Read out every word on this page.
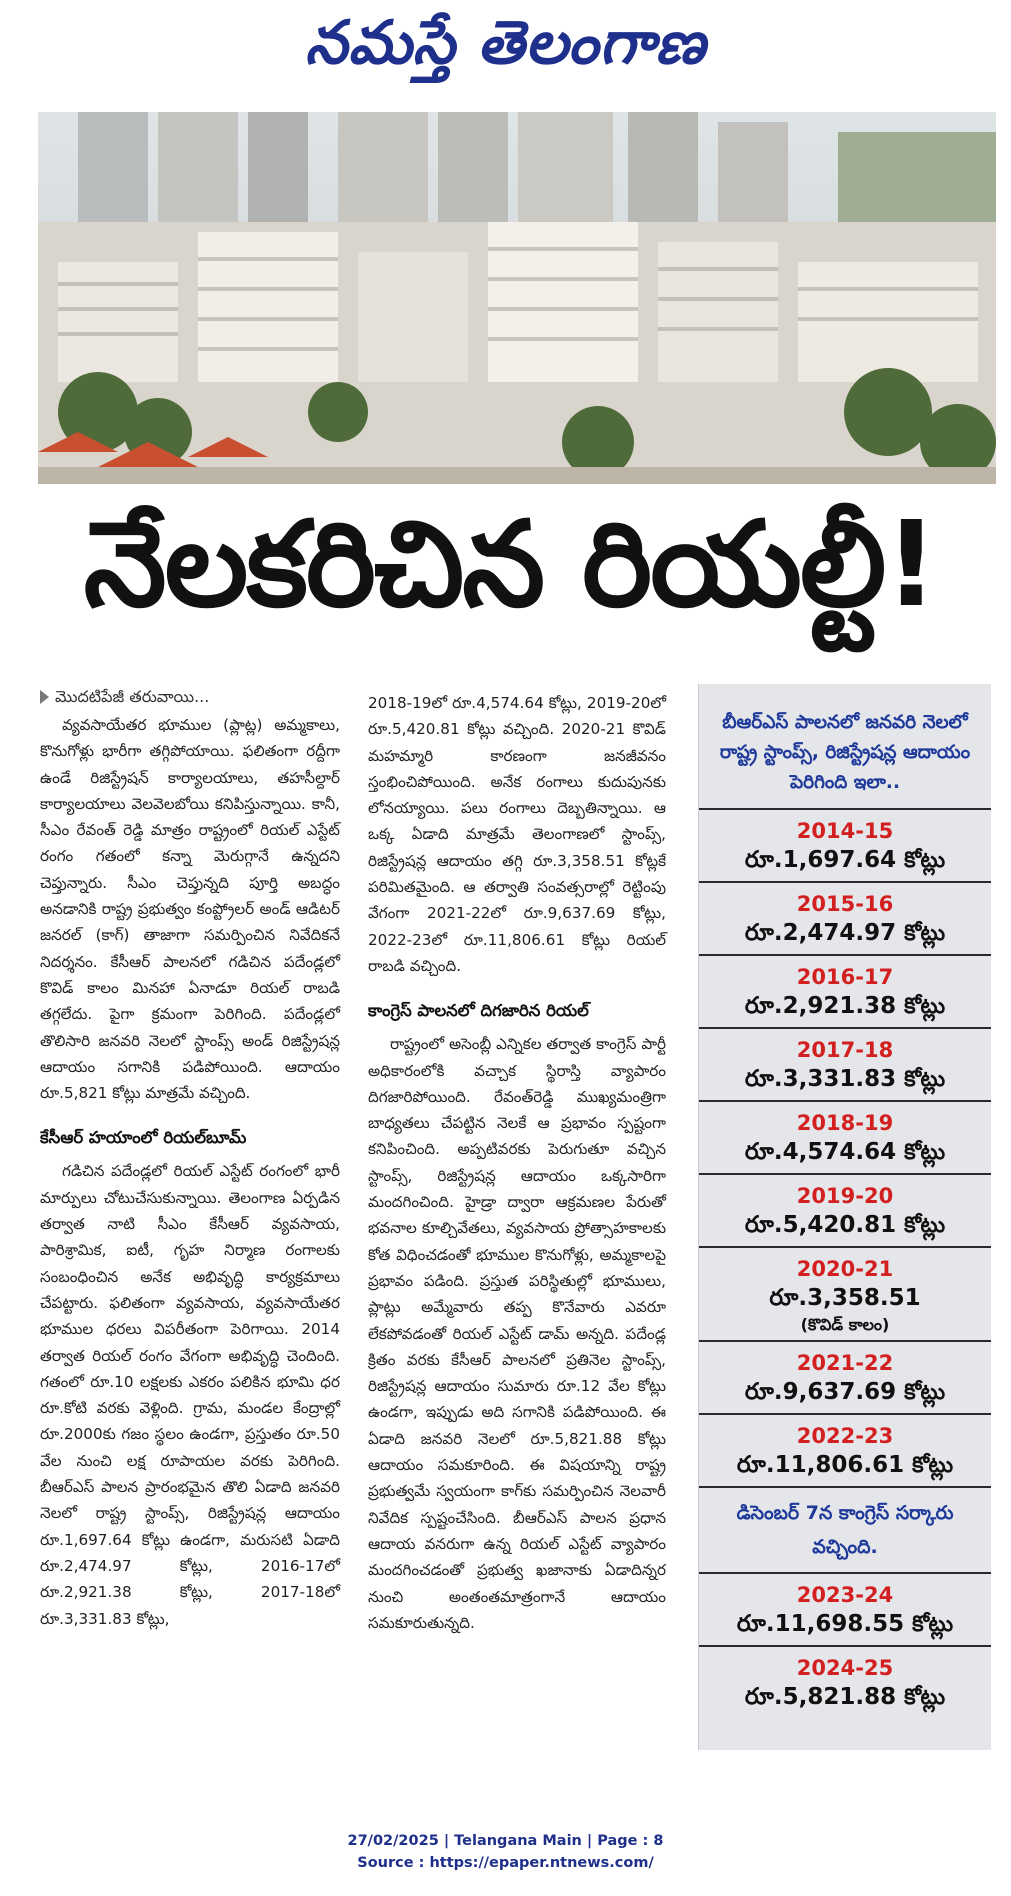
నమస్తే తెలంగాణ
నేలకరిచిన రియల్టీ!
మొదటిపేజీ తరువాయి...

వ్యవసాయేతర భూముల (ప్లాట్ల) అమ్మకాలు, కొనుగోళ్లు భారీగా తగ్గిపోయాయి. ఫలితంగా రద్దీగా ఉండే రిజిస్ట్రేషన్ కార్యాలయాలు, తహసీల్దార్ కార్యాలయాలు వెలవెలబోయి కనిపిస్తున్నాయి. కానీ, సీఎం రేవంత్ రెడ్డి మాత్రం రాష్ట్రంలో రియల్ ఎస్టేట్ రంగం గతంలో కన్నా మెరుగ్గానే ఉన్నదని చెప్తున్నారు. సీఎం చెప్తున్నది పూర్తి అబద్ధం అనడానికి రాష్ట్ర ప్రభుత్వం కంప్ట్రోలర్ అండ్ ఆడిటర్ జనరల్ (కాగ్) తాజాగా సమర్పించిన నివేదికనే నిదర్శనం. కేసీఆర్ పాలనలో గడిచిన పదేండ్లలో కొవిడ్ కాలం మినహా ఏనాడూ రియల్ రాబడి తగ్గలేదు. పైగా క్రమంగా పెరిగింది. పదేండ్లలో తొలిసారి జనవరి నెలలో స్టాంప్స్ అండ్ రిజిస్ట్రేషన్ల ఆదాయం సగానికి పడిపోయింది. ఆదాయం రూ.5,821 కోట్లు మాత్రమే వచ్చింది.

కేసీఆర్ హయాంలో రియల్‌బూమ్

గడిచిన పదేండ్లలో రియల్ ఎస్టేట్ రంగంలో భారీ మార్పులు చోటుచేసుకున్నాయి. తెలంగాణ ఏర్పడిన తర్వాత నాటి సీఎం కేసీఆర్ వ్యవసాయ, పారిశ్రామిక, ఐటీ, గృహ నిర్మాణ రంగాలకు సంబంధించిన అనేక అభివృద్ధి కార్యక్రమాలు చేపట్టారు. ఫలితంగా వ్యవసాయ, వ్యవసాయేతర భూముల ధరలు విపరీతంగా పెరిగాయి. 2014 తర్వాత రియల్ రంగం వేగంగా అభివృద్ధి చెందింది. గతంలో రూ.10 లక్షలకు ఎకరం పలికిన భూమి ధర రూ.కోటి వరకు వెళ్లింది. గ్రామ, మండల కేంద్రాల్లో రూ.2000కు గజం స్థలం ఉండగా, ప్రస్తుతం రూ.50 వేల నుంచి లక్ష రూపాయల వరకు పెరిగింది. బీఆర్ఎస్ పాలన ప్రారంభమైన తొలి ఏడాది జనవరి నెలలో రాష్ట్ర స్టాంప్స్, రిజిస్ట్రేషన్ల ఆదాయం రూ.1,697.64 కోట్లు ఉండగా, మరుసటి ఏడాది రూ.2,474.97 కోట్లు, 2016-17లో రూ.2,921.38 కోట్లు, 2017-18లో రూ.3,331.83 కోట్లు,

2018-19లో రూ.4,574.64 కోట్లు, 2019-20లో రూ.5,420.81 కోట్లు వచ్చింది. 2020-21 కొవిడ్ మహమ్మారి కారణంగా జనజీవనం స్తంభించిపోయింది. అనేక రంగాలు కుదుపునకు లోనయ్యాయి. పలు రంగాలు దెబ్బతిన్నాయి. ఆ ఒక్క ఏడాది మాత్రమే తెలంగాణలో స్టాంప్స్, రిజిస్ట్రేషన్ల ఆదాయం తగ్గి రూ.3,358.51 కోట్లకే పరిమితమైంది. ఆ తర్వాతి సంవత్సరాల్లో రెట్టింపు వేగంగా 2021-22లో రూ.9,637.69 కోట్లు, 2022-23లో రూ.11,806.61 కోట్లు రియల్ రాబడి వచ్చింది.

కాంగ్రెస్ పాలనలో దిగజారిన రియల్

రాష్ట్రంలో అసెంబ్లీ ఎన్నికల తర్వాత కాంగ్రెస్ పార్టీ అధికారంలోకి వచ్చాక స్థిరాస్తి వ్యాపారం దిగజారిపోయింది. రేవంత్‌రెడ్డి ముఖ్యమంత్రిగా బాధ్యతలు చేపట్టిన నెలకే ఆ ప్రభావం స్పష్టంగా కనిపించింది. అప్పటివరకు పెరుగుతూ వచ్చిన స్టాంప్స్, రిజిస్ట్రేషన్ల ఆదాయం ఒక్కసారిగా మందగించింది. హైడ్రా ద్వారా ఆక్రమణల పేరుతో భవనాల కూల్చివేతలు, వ్యవసాయ ప్రోత్సాహకాలకు కోత విధించడంతో భూముల కొనుగోళ్లు, అమ్మకాలపై ప్రభావం పడింది. ప్రస్తుత పరిస్థితుల్లో భూములు, ప్లాట్లు అమ్మేవారు తప్ప కొనేవారు ఎవరూ లేకపోవడంతో రియల్ ఎస్టేట్ డామ్ అన్నది. పదేండ్ల క్రితం వరకు కేసీఆర్ పాలనలో ప్రతినెల స్టాంప్స్, రిజిస్ట్రేషన్ల ఆదాయం సుమారు రూ.12 వేల కోట్లు ఉండగా, ఇప్పుడు అది సగానికి పడిపోయింది. ఈ ఏడాది జనవరి నెలలో రూ.5,821.88 కోట్లు ఆదాయం సమకూరింది. ఈ విషయాన్ని రాష్ట్ర ప్రభుత్వమే స్వయంగా కాగ్‌కు సమర్పించిన నెలవారీ నివేదిక స్పష్టంచేసింది. బీఆర్ఎస్ పాలన ప్రధాన ఆదాయ వనరుగా ఉన్న రియల్ ఎస్టేట్ వ్యాపారం మందగించడంతో ప్రభుత్వ ఖజానాకు ఏడాదిన్నర నుంచి అంతంతమాత్రంగానే ఆదాయం సమకూరుతున్నది.

బీఆర్ఎస్ పాలనలో జనవరి నెలలో రాష్ట్ర స్టాంప్స్, రిజిస్ట్రేషన్ల ఆదాయం పెరిగింది ఇలా..
2014-15
రూ.1,697.64 కోట్లు
2015-16
రూ.2,474.97 కోట్లు
2016-17
రూ.2,921.38 కోట్లు
2017-18
రూ.3,331.83 కోట్లు
2018-19
రూ.4,574.64 కోట్లు
2019-20
రూ.5,420.81 కోట్లు
2020-21
రూ.3,358.51
(కొవిడ్ కాలం)
2021-22
రూ.9,637.69 కోట్లు
2022-23
రూ.11,806.61 కోట్లు
డిసెంబర్ 7న కాంగ్రెస్ సర్కారు వచ్చింది.
2023-24
రూ.11,698.55 కోట్లు
2024-25
రూ.5,821.88 కోట్లు
27/02/2025 | Telangana Main | Page : 8
Source : https://epaper.ntnews.com/
